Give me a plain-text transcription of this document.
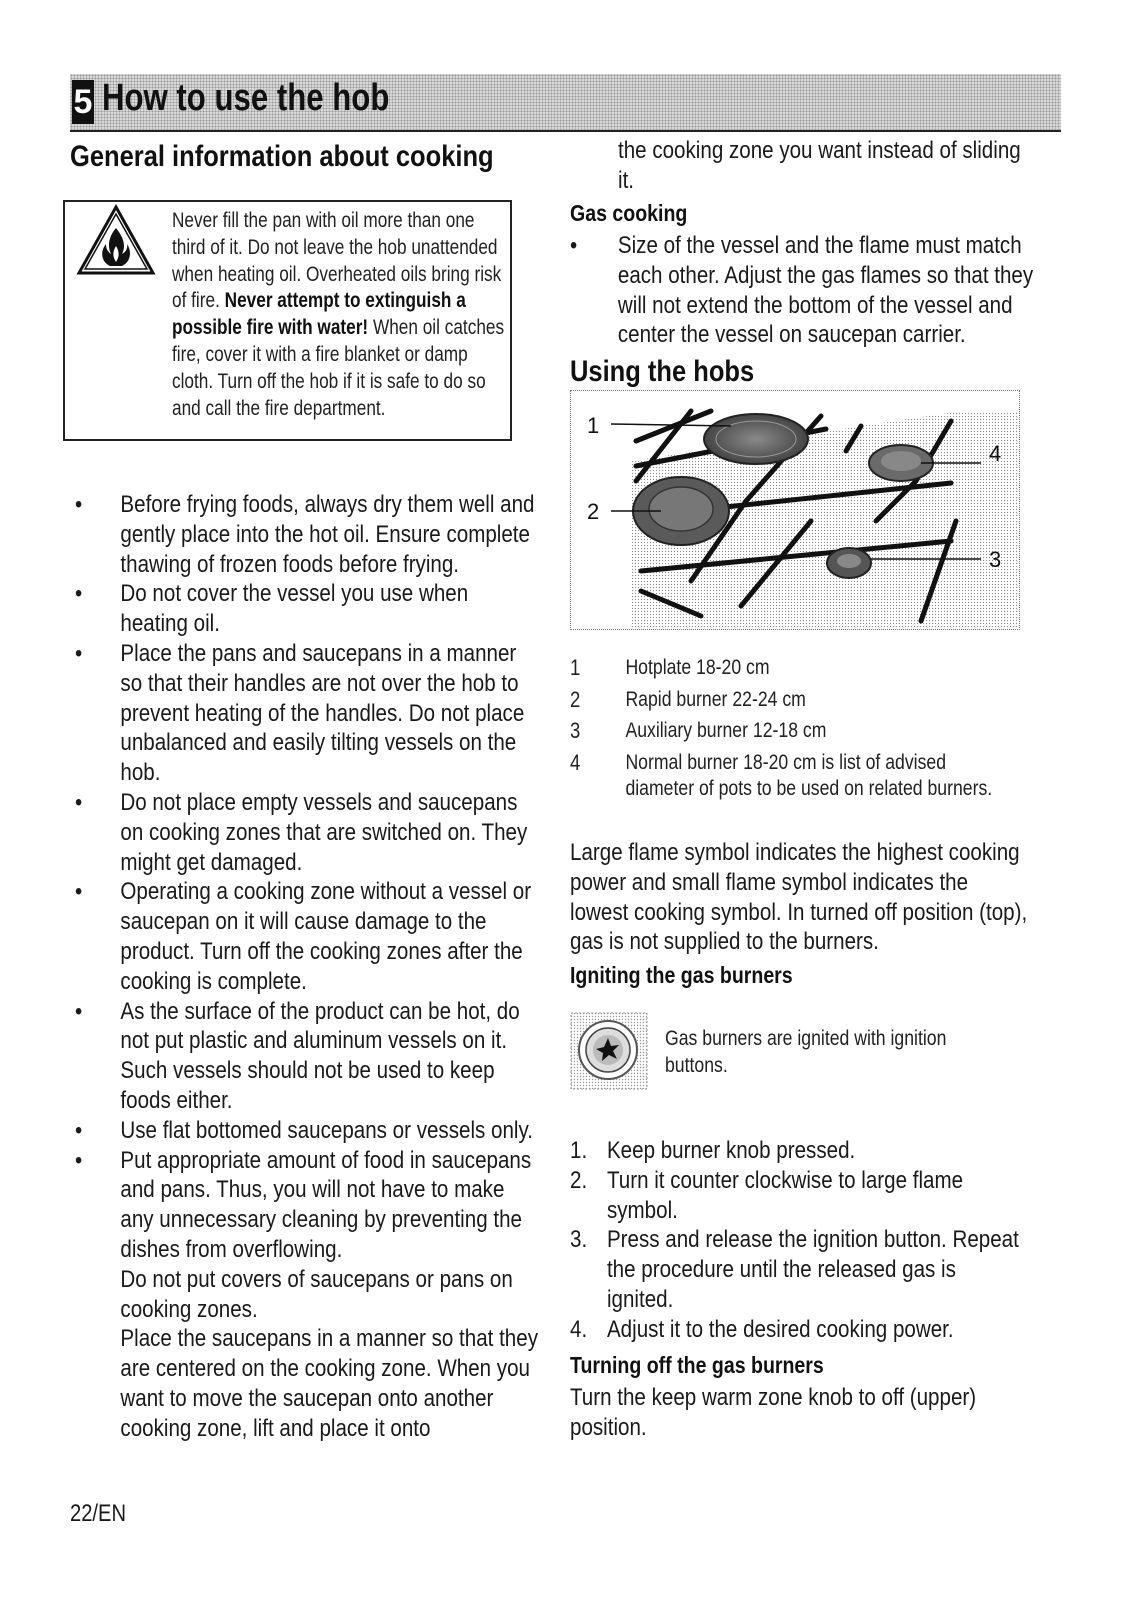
5 How to use the hob
General information about cooking
Never fill the pan with oil more than one third of it. Do not leave the hob unattended when heating oil. Overheated oils bring risk of fire. Never attempt to extinguish a possible fire with water! When oil catches fire, cover it with a fire blanket or damp cloth. Turn off the hob if it is safe to do so and call the fire department.
• Before frying foods, always dry them well and gently place into the hot oil. Ensure complete thawing of frozen foods before frying.

• Do not cover the vessel you use when heating oil.

• Place the pans and saucepans in a manner so that their handles are not over the hob to prevent heating of the handles. Do not place unbalanced and easily tilting vessels on the hob.

• Do not place empty vessels and saucepans on cooking zones that are switched on. They might get damaged.

• Operating a cooking zone without a vessel or saucepan on it will cause damage to the product. Turn off the cooking zones after the cooking is complete.

• As the surface of the product can be hot, do not put plastic and aluminum vessels on it. Such vessels should not be used to keep foods either.

• Use flat bottomed saucepans or vessels only.

• Put appropriate amount of food in saucepans and pans. Thus, you will not have to make any unnecessary cleaning by preventing the dishes from overflowing.

Do not put covers of saucepans or pans on cooking zones.

Place the saucepans in a manner so that they are centered on the cooking zone. When you want to move the saucepan onto another cooking zone, lift and place it onto

22/EN
the cooking zone you want instead of sliding it.
Gas cooking
• Size of the vessel and the flame must match each other. Adjust the gas flames so that they will not extend the bottom of the vessel and center the vessel on saucepan carrier.
Using the hobs
1
2
3
4
1 Hotplate 18-20 cm
2 Rapid burner 22-24 cm
3 Auxiliary burner 12-18 cm
4 Normal burner 18-20 cm is list of advised diameter of pots to be used on related burners.
Large flame symbol indicates the highest cooking power and small flame symbol indicates the lowest cooking symbol. In turned off position (top), gas is not supplied to the burners.
Igniting the gas burners
Gas burners are ignited with ignition buttons.
1. Keep burner knob pressed.
2. Turn it counter clockwise to large flame symbol.
3. Press and release the ignition button. Repeat the procedure until the released gas is ignited.
4. Adjust it to the desired cooking power.
Turning off the gas burners
Turn the keep warm zone knob to off (upper) position.
